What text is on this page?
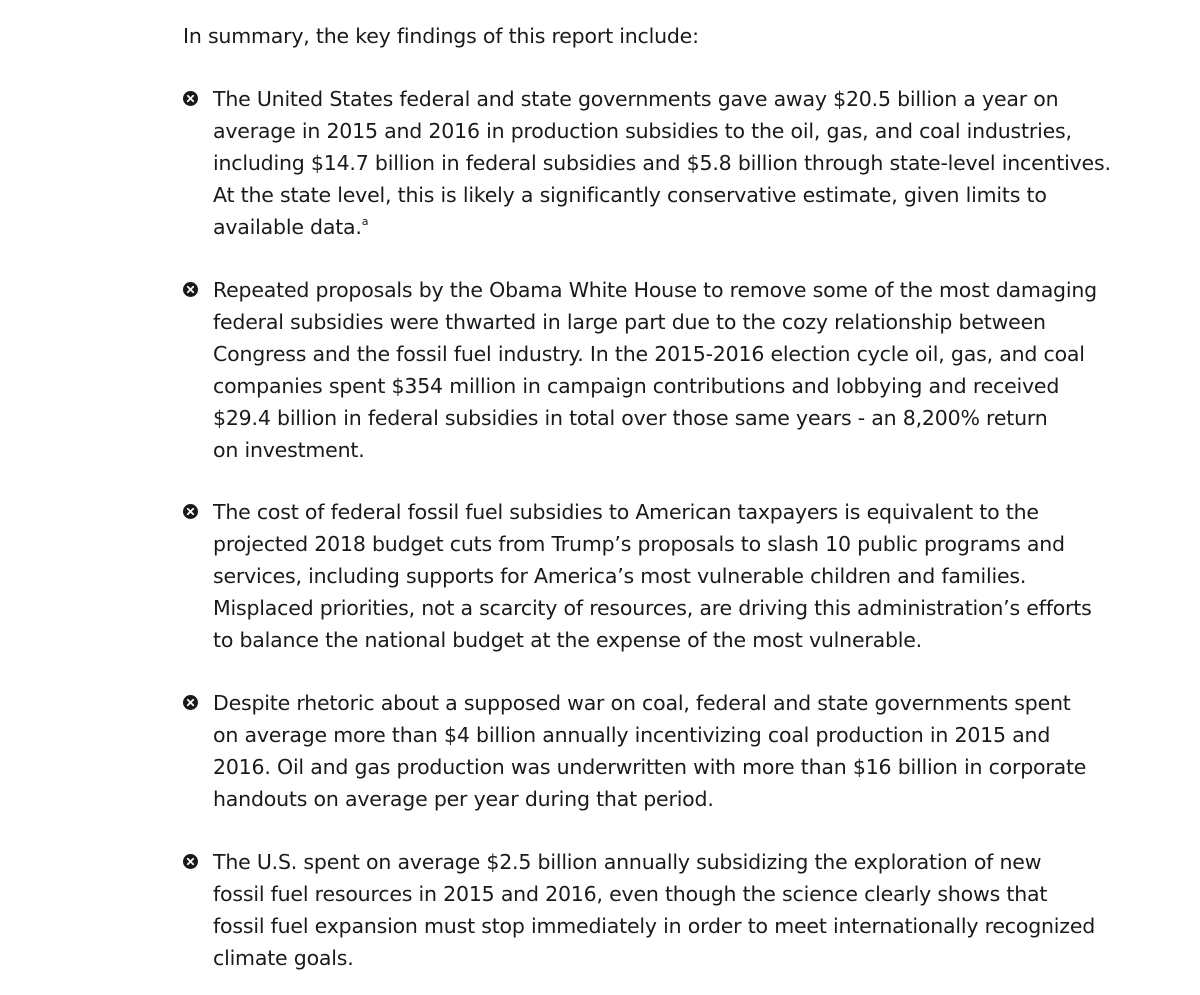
In summary, the key findings of this report include:
The United States federal and state governments gave away $20.5 billion a year on
average in 2015 and 2016 in production subsidies to the oil, gas, and coal industries,
including $14.7 billion in federal subsidies and $5.8 billion through state-level incentives.
At the state level, this is likely a significantly conservative estimate, given limits to
available data.$^a$
Repeated proposals by the Obama White House to remove some of the most damaging
federal subsidies were thwarted in large part due to the cozy relationship between
Congress and the fossil fuel industry. In the 2015-2016 election cycle oil, gas, and coal
companies spent $354 million in campaign contributions and lobbying and received
$29.4 billion in federal subsidies in total over those same years - an 8,200% return
on investment.
The cost of federal fossil fuel subsidies to American taxpayers is equivalent to the
projected 2018 budget cuts from Trump’s proposals to slash 10 public programs and
services, including supports for America’s most vulnerable children and families.
Misplaced priorities, not a scarcity of resources, are driving this administration’s efforts
to balance the national budget at the expense of the most vulnerable.
Despite rhetoric about a supposed war on coal, federal and state governments spent
on average more than $4 billion annually incentivizing coal production in 2015 and
2016. Oil and gas production was underwritten with more than $16 billion in corporate
handouts on average per year during that period.
The U.S. spent on average $2.5 billion annually subsidizing the exploration of new
fossil fuel resources in 2015 and 2016, even though the science clearly shows that
fossil fuel expansion must stop immediately in order to meet internationally recognized
climate goals.
